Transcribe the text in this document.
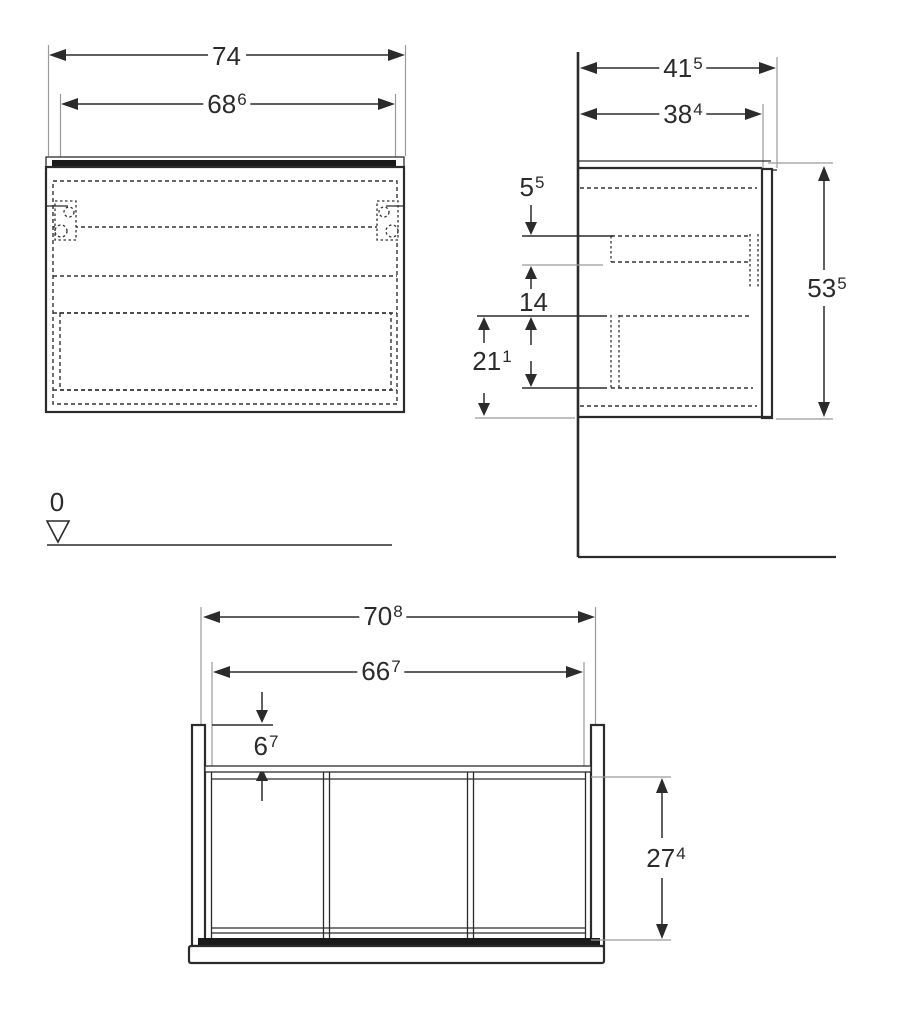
74
$68^6$
$41^5$
$38^4$
$5^5$
14
$21^1$
$53^5$
$70^8$
$66^7$
$6^7$
$27^4$
0
